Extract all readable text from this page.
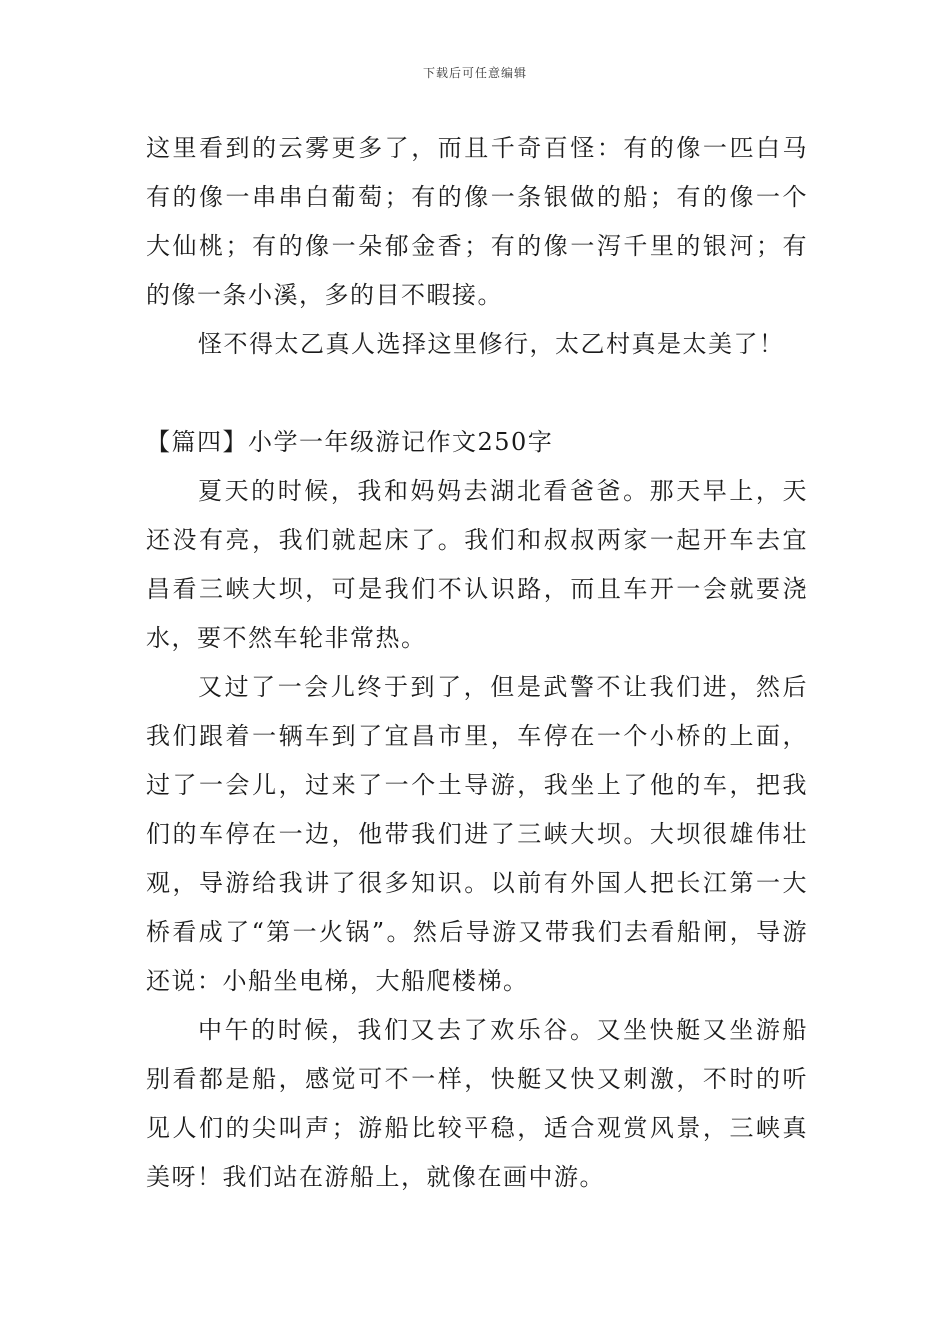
下载后可任意编辑

这里看到的云雾更多了，而且千奇百怪：有的像一匹白马有的像一串串白葡萄；有的像一条银做的船；有的像一个大仙桃；有的像一朵郁金香；有的像一泻千里的银河；有的像一条小溪，多的目不暇接。

怪不得太乙真人选择这里修行，太乙村真是太美了！

【篇四】小学一年级游记作文250字

夏天的时候，我和妈妈去湖北看爸爸。那天早上，天还没有亮，我们就起床了。我们和叔叔两家一起开车去宜昌看三峡大坝，可是我们不认识路，而且车开一会就要浇水，要不然车轮非常热。

又过了一会儿终于到了，但是武警不让我们进，然后我们跟着一辆车到了宜昌市里，车停在一个小桥的上面，过了一会儿，过来了一个土导游，我坐上了他的车，把我们的车停在一边，他带我们进了三峡大坝。大坝很雄伟壮观，导游给我讲了很多知识。以前有外国人把长江第一大桥看成了“第一火锅”。然后导游又带我们去看船闸，导游还说：小船坐电梯，大船爬楼梯。

中午的时候，我们又去了欢乐谷。又坐快艇又坐游船别看都是船，感觉可不一样，快艇又快又刺激，不时的听见人们的尖叫声；游船比较平稳，适合观赏风景，三峡真美呀！我们站在游船上，就像在画中游。
